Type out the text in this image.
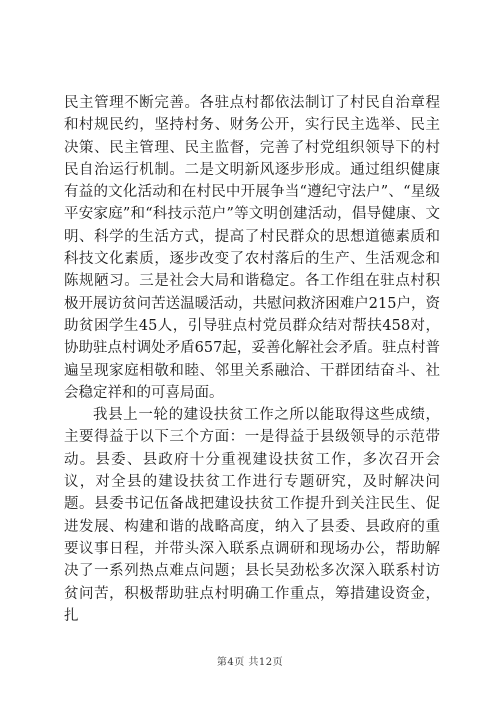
民主管理不断完善。各驻点村都依法制订了村民自治章程和村规民约，坚持村务、财务公开，实行民主选举、民主决策、民主管理、民主监督，完善了村党组织领导下的村民自治运行机制。二是文明新风逐步形成。通过组织健康有益的文化活动和在村民中开展争当“遵纪守法户”、“星级平安家庭”和“科技示范户”等文明创建活动，倡导健康、文明、科学的生活方式，提高了村民群众的思想道德素质和科技文化素质，逐步改变了农村落后的生产、生活观念和陈规陋习。三是社会大局和谐稳定。各工作组在驻点村积极开展访贫问苦送温暖活动，共慰问救济困难户215户，资助贫困学生45人，引导驻点村党员群众结对帮扶458对，协助驻点村调处矛盾657起，妥善化解社会矛盾。驻点村普遍呈现家庭相敬和睦、邻里关系融洽、干群团结奋斗、社会稳定祥和的可喜局面。

我县上一轮的建设扶贫工作之所以能取得这些成绩，主要得益于以下三个方面：一是得益于县级领导的示范带动。县委、县政府十分重视建设扶贫工作，多次召开会议，对全县的建设扶贫工作进行专题研究，及时解决问题。县委书记伍备战把建设扶贫工作提升到关注民生、促进发展、构建和谐的战略高度，纳入了县委、县政府的重要议事日程，并带头深入联系点调研和现场办公，帮助解决了一系列热点难点问题；县长吴劲松多次深入联系村访贫问苦，积极帮助驻点村明确工作重点，筹措建设资金，扎

第4页 共12页
